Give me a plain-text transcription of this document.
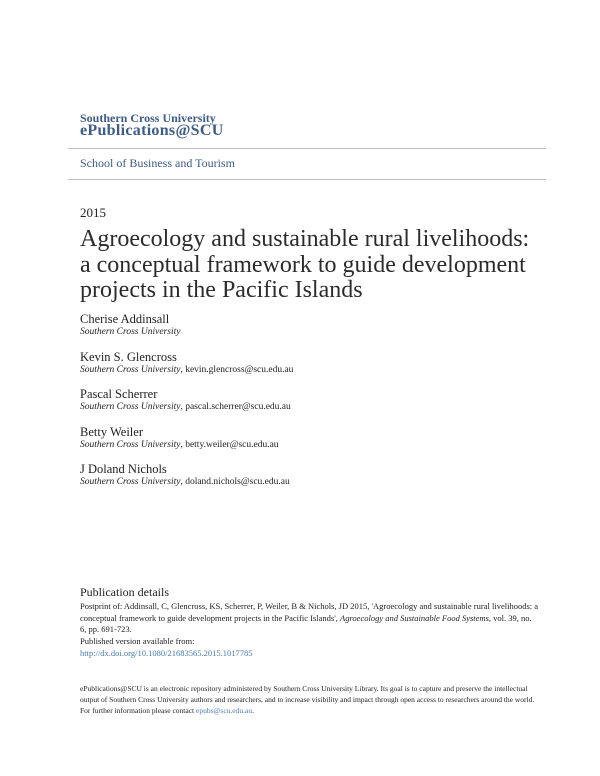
Southern Cross University
ePublications@SCU
School of Business and Tourism
2015
Agroecology and sustainable rural livelihoods: a conceptual framework to guide development projects in the Pacific Islands
Cherise Addinsall
Southern Cross University
Kevin S. Glencross
Southern Cross University, kevin.glencross@scu.edu.au
Pascal Scherrer
Southern Cross University, pascal.scherrer@scu.edu.au
Betty Weiler
Southern Cross University, betty.weiler@scu.edu.au
J Doland Nichols
Southern Cross University, doland.nichols@scu.edu.au
Publication details
Postprint of: Addinsall, C, Glencross, KS, Scherrer, P, Weiler, B & Nichols, JD 2015, 'Agroecology and sustainable rural livelihoods: a conceptual framework to guide development projects in the Pacific Islands', Agroecology and Sustainable Food Systems, vol. 39, no. 6, pp. 691-723.
Published version available from:
http://dx.doi.org/10.1080/21683565.2015.1017785
ePublications@SCU is an electronic repository administered by Southern Cross University Library. Its goal is to capture and preserve the intellectual output of Southern Cross University authors and researchers, and to increase visibility and impact through open access to researchers around the world. For further information please contact epubs@scu.edu.au.
